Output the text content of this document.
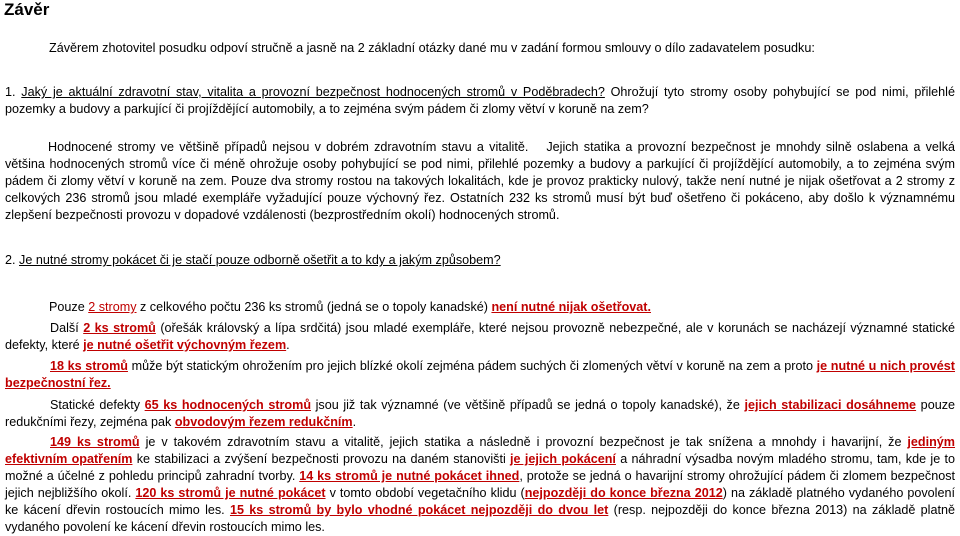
Závěr

Závěrem zhotovitel posudku odpoví stručně a jasně na 2 základní otázky dané mu v zadání formou smlouvy o dílo zadavatelem posudku:

1. Jaký je aktuální zdravotní stav, vitalita a provozní bezpečnost hodnocených stromů v Poděbradech? Ohrožují tyto stromy osoby pohybující se pod nimi, přilehlé pozemky a budovy a parkující či projíždějící automobily, a to zejména svým pádem či zlomy větví v koruně na zem?

Hodnocené stromy ve většině případů nejsou v dobrém zdravotním stavu a vitalitě. Jejich statika a provozní bezpečnost je mnohdy silně oslabena a velká většina hodnocených stromů více či méně ohrožuje osoby pohybující se pod nimi, přilehlé pozemky a budovy a parkující či projíždějící automobily, a to zejména svým pádem či zlomy větví v koruně na zem. Pouze dva stromy rostou na takových lokalitách, kde je provoz prakticky nulový, takže není nutné je nijak ošetřovat a 2 stromy z celkových 236 stromů jsou mladé exempláře vyžadující pouze výchovný řez. Ostatních 232 ks stromů musí být buď ošetřeno či pokáceno, aby došlo k významnému zlepšení bezpečnosti provozu v dopadové vzdálenosti (bezprostředním okolí) hodnocených stromů.

2. Je nutné stromy pokácet či je stačí pouze odborně ošetřit a to kdy a jakým způsobem?

Pouze 2 stromy z celkového počtu 236 ks stromů (jedná se o topoly kanadské) není nutné nijak ošetřovat.

Další 2 ks stromů (ořešák královský a lípa srdčitá) jsou mladé exempláře, které nejsou provozně nebezpečné, ale v korunách se nacházejí významné statické defekty, které je nutné ošetřit výchovným řezem.

18 ks stromů může být statickým ohrožením pro jejich blízké okolí zejména pádem suchých či zlomených větví v koruně na zem a proto je nutné u nich provést bezpečnostní řez.

Statické defekty 65 ks hodnocených stromů jsou již tak významné (ve většině případů se jedná o topoly kanadské), že jejich stabilizaci dosáhneme pouze redukčními řezy, zejména pak obvodovým řezem redukčním.

149 ks stromů je v takovém zdravotním stavu a vitalitě, jejich statika a následně i provozní bezpečnost je tak snížena a mnohdy i havarijní, že jediným efektivním opatřením ke stabilizaci a zvýšení bezpečnosti provozu na daném stanovišti je jejich pokácení a náhradní výsadba novým mladého stromu, tam, kde je to možné a účelné z pohledu principů zahradní tvorby. 14 ks stromů je nutné pokácet ihned, protože se jedná o havarijní stromy ohrožující pádem či zlomem bezpečnost jejich nejbližšího okolí. 120 ks stromů je nutné pokácet v tomto období vegetačního klidu (nejpozději do konce března 2012) na základě platného vydaného povolení ke kácení dřevin rostoucích mimo les. 15 ks stromů by bylo vhodné pokácet nejpozději do dvou let (resp. nejpozději do konce března 2013) na základě platně vydaného povolení ke kácení dřevin rostoucích mimo les.
